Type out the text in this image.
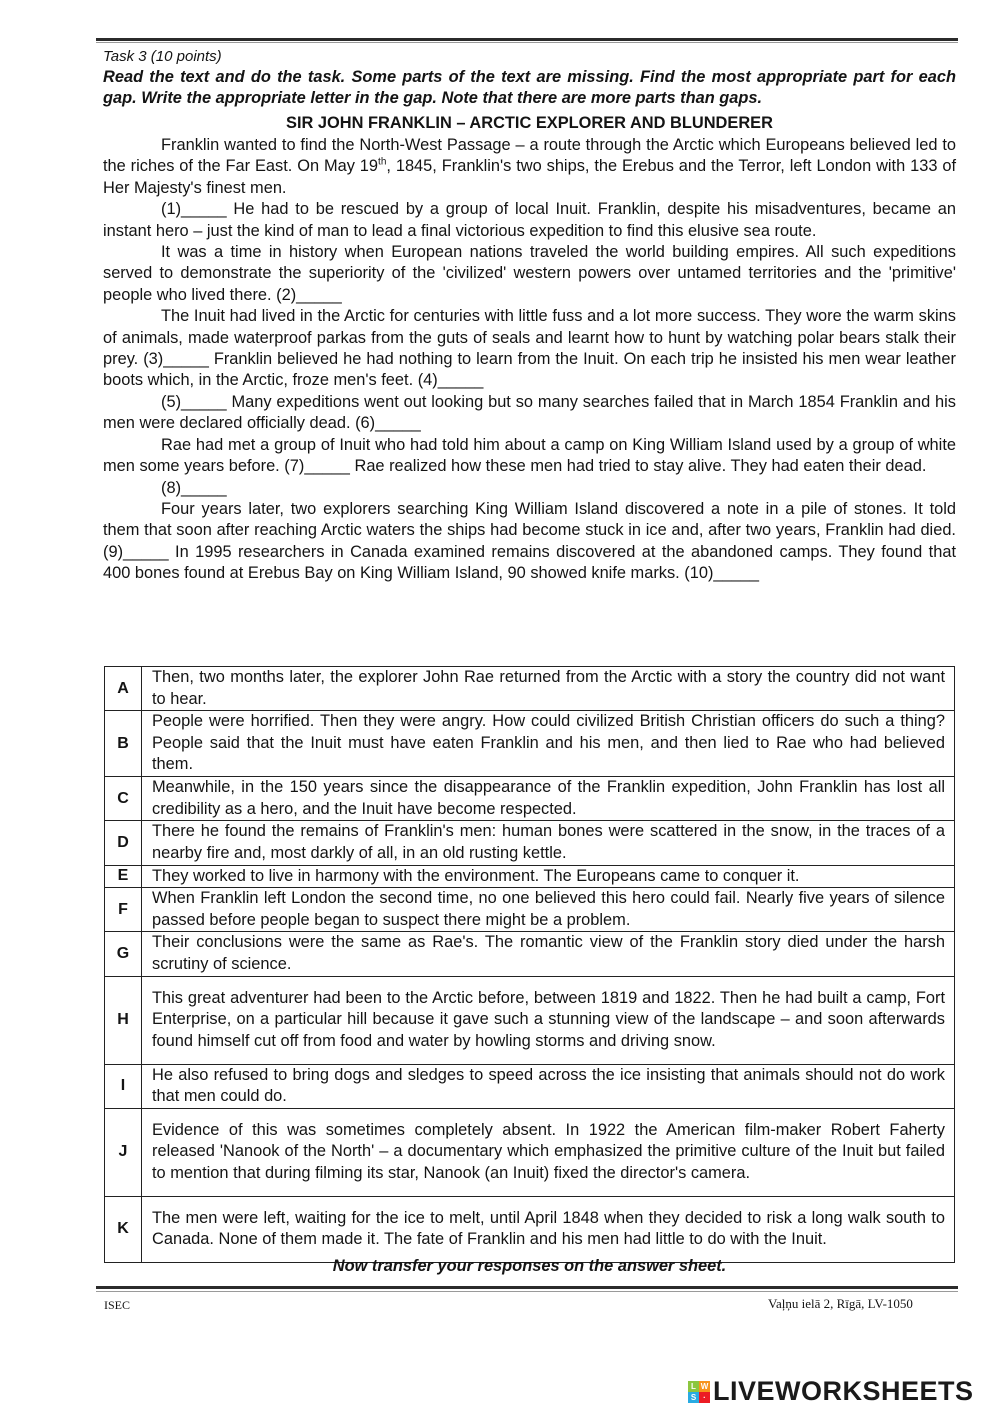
Task 3 (10 points)
Read the text and do the task. Some parts of the text are missing. Find the most appropriate part for each gap. Write the appropriate letter in the gap. Note that there are more parts than gaps.
SIR JOHN FRANKLIN – ARCTIC EXPLORER AND BLUNDERER

Franklin wanted to find the North-West Passage – a route through the Arctic which Europeans believed led to the riches of the Far East. On May 19th, 1845, Franklin's two ships, the Erebus and the Terror, left London with 133 of Her Majesty's finest men.

(1)_____ He had to be rescued by a group of local Inuit. Franklin, despite his misadventures, became an instant hero – just the kind of man to lead a final victorious expedition to find this elusive sea route.

It was a time in history when European nations traveled the world building empires. All such expeditions served to demonstrate the superiority of the 'civilized' western powers over untamed territories and the 'primitive' people who lived there. (2)_____

The Inuit had lived in the Arctic for centuries with little fuss and a lot more success. They wore the warm skins of animals, made waterproof parkas from the guts of seals and learnt how to hunt by watching polar bears stalk their prey. (3)_____ Franklin believed he had nothing to learn from the Inuit. On each trip he insisted his men wear leather boots which, in the Arctic, froze men's feet. (4)_____

(5)_____ Many expeditions went out looking but so many searches failed that in March 1854 Franklin and his men were declared officially dead. (6)_____

Rae had met a group of Inuit who had told him about a camp on King William Island used by a group of white men some years before. (7)_____ Rae realized how these men had tried to stay alive. They had eaten their dead.

(8)_____

Four years later, two explorers searching King William Island discovered a note in a pile of stones. It told them that soon after reaching Arctic waters the ships had become stuck in ice and, after two years, Franklin had died. (9)_____ In 1995 researchers in Canada examined remains discovered at the abandoned camps. They found that 400 bones found at Erebus Bay on King William Island, 90 showed knife marks. (10)_____

A	Then, two months later, the explorer John Rae returned from the Arctic with a story the country did not want to hear.
B	People were horrified. Then they were angry. How could civilized British Christian officers do such a thing? People said that the Inuit must have eaten Franklin and his men, and then lied to Rae who had believed them.
C	Meanwhile, in the 150 years since the disappearance of the Franklin expedition, John Franklin has lost all credibility as a hero, and the Inuit have become respected.
D	There he found the remains of Franklin's men: human bones were scattered in the snow, in the traces of a nearby fire and, most darkly of all, in an old rusting kettle.
E	They worked to live in harmony with the environment. The Europeans came to conquer it.
F	When Franklin left London the second time, no one believed this hero could fail. Nearly five years of silence passed before people began to suspect there might be a problem.
G	Their conclusions were the same as Rae's. The romantic view of the Franklin story died under the harsh scrutiny of science.
H	This great adventurer had been to the Arctic before, between 1819 and 1822. Then he had built a camp, Fort Enterprise, on a particular hill because it gave such a stunning view of the landscape – and soon afterwards found himself cut off from food and water by howling storms and driving snow.
I	He also refused to bring dogs and sledges to speed across the ice insisting that animals should not do work that men could do.
J	Evidence of this was sometimes completely absent. In 1922 the American film-maker Robert Faherty released 'Nanook of the North' – a documentary which emphasized the primitive culture of the Inuit but failed to mention that during filming its star, Nanook (an Inuit) fixed the director's camera.
K	The men were left, waiting for the ice to melt, until April 1848 when they decided to risk a long walk south to Canada. None of them made it. The fate of Franklin and his men had little to do with the Inuit.
Now transfer your responses on the answer sheet.
ISEC	Vaļņu ielā 2, Rīgā, LV-1050
L W
S · LIVEWORKSHEETS
